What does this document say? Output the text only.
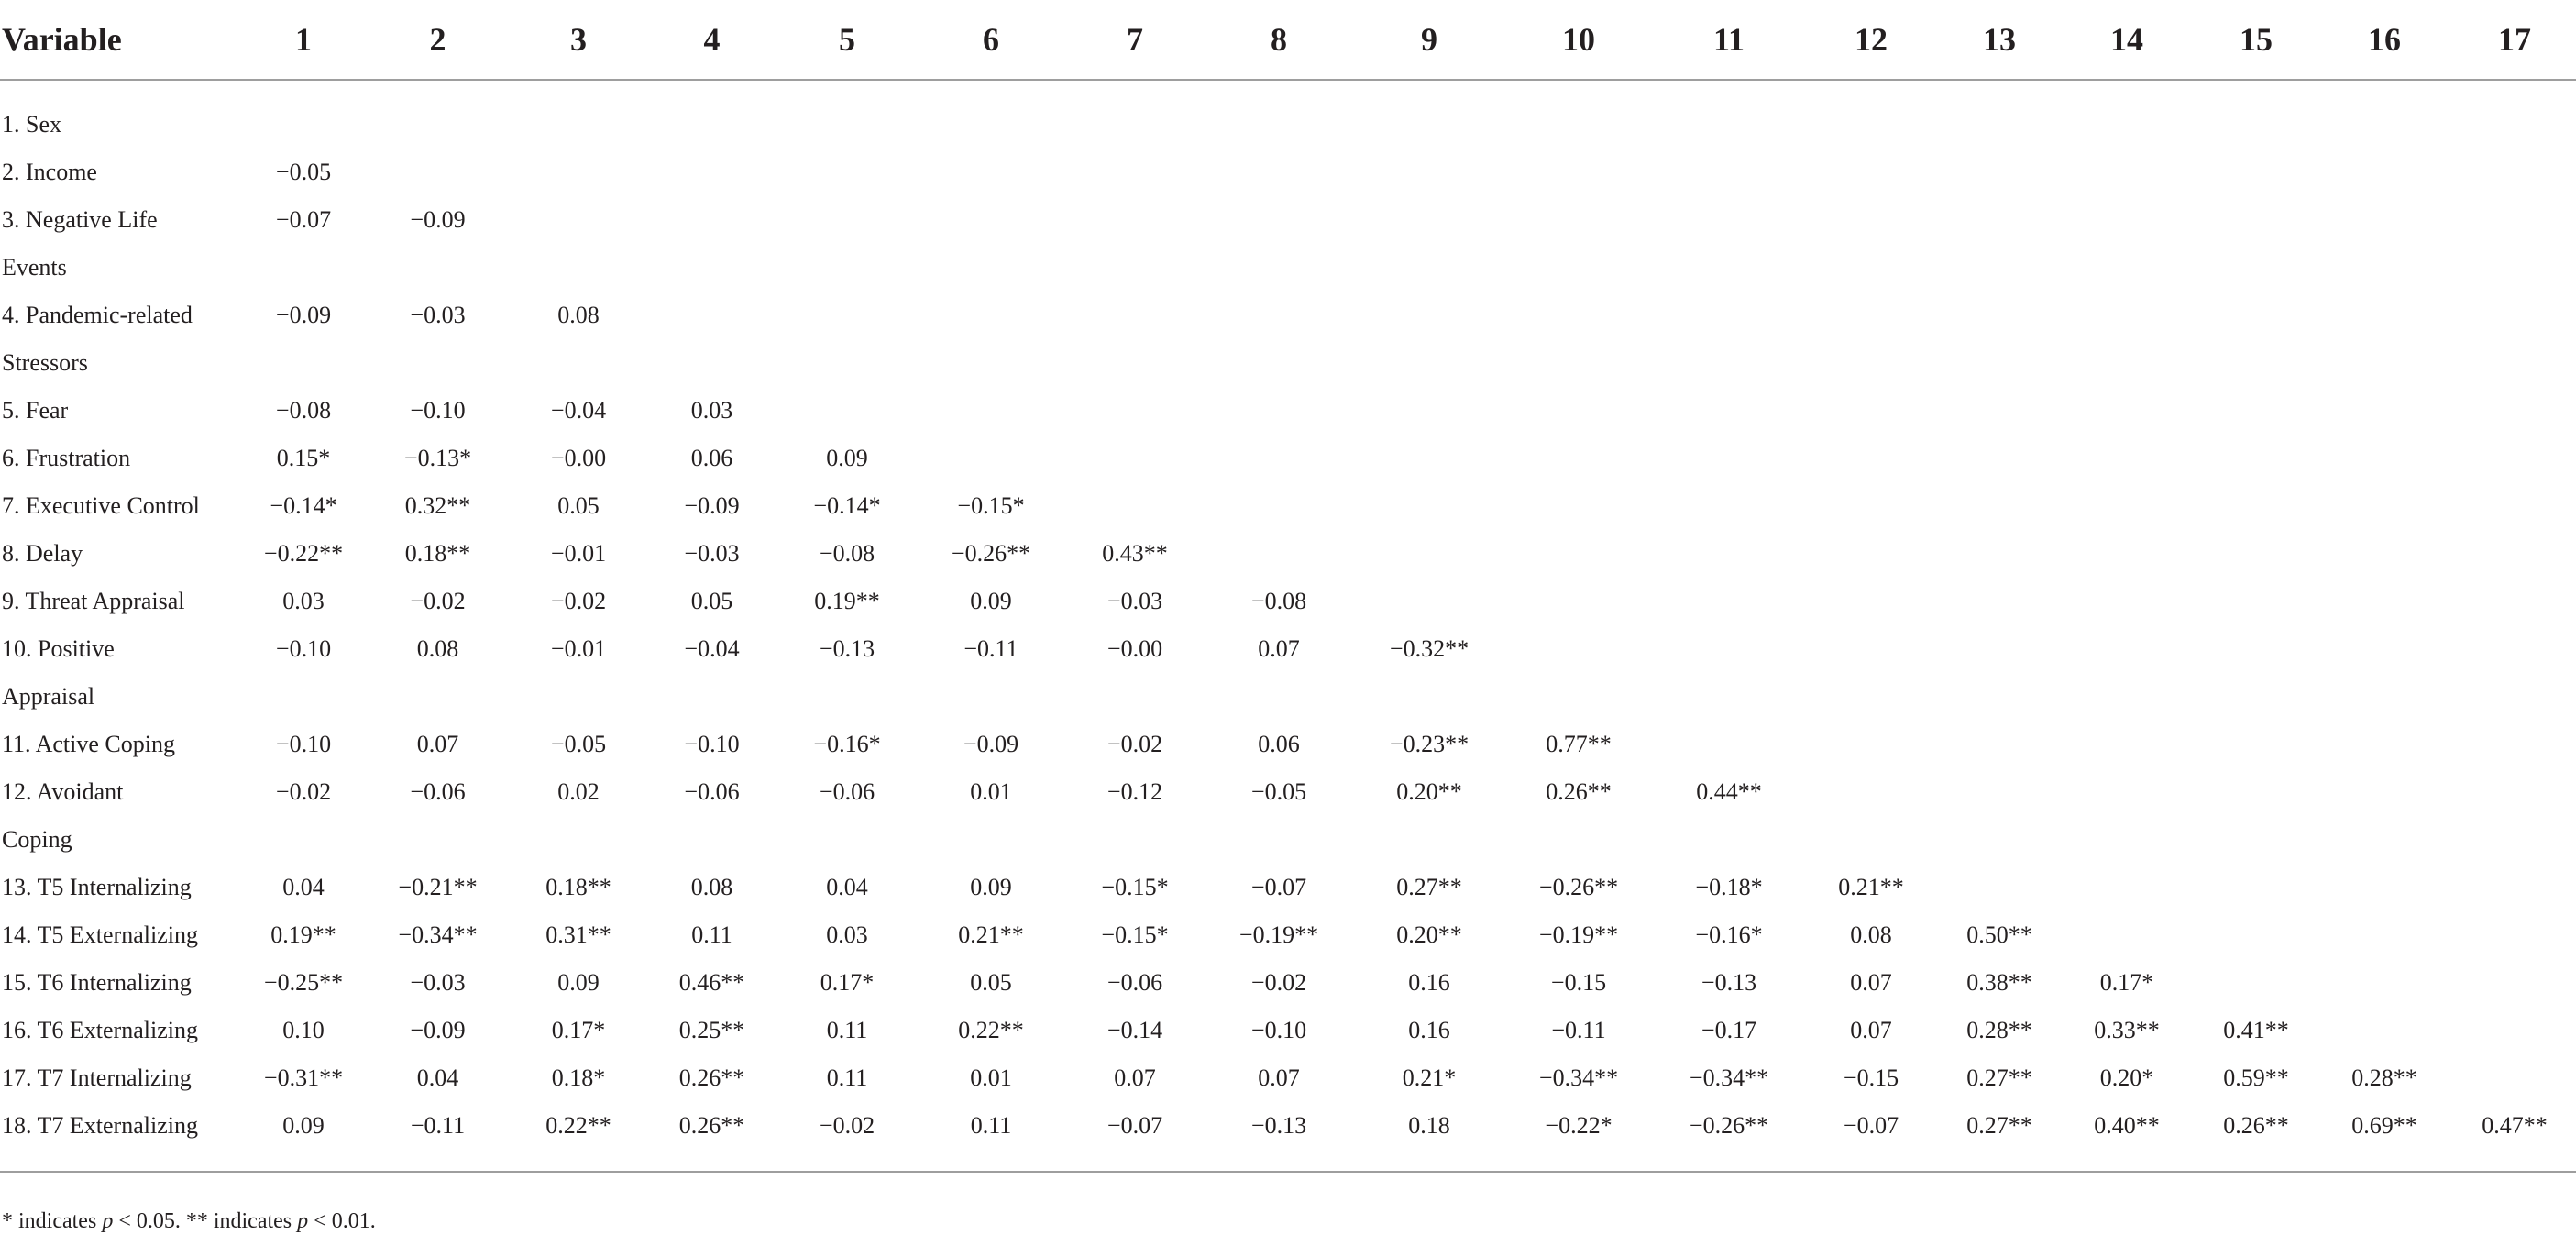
Variable	1	2	3	4	5	6	7	8	9	10	11	12	13	14	15	16	17

1. Sex																	
2. Income	−0.05																
3. Negative Life	−0.07	−0.09															
Events																	
4. Pandemic-related	−0.09	−0.03	0.08														
Stressors																	
5. Fear	−0.08	−0.10	−0.04	0.03													
6. Frustration	0.15*	−0.13*	−0.00	0.06	0.09												
7. Executive Control	−0.14*	0.32**	0.05	−0.09	−0.14*	−0.15*											
8. Delay	−0.22**	0.18**	−0.01	−0.03	−0.08	−0.26**	0.43**										
9. Threat Appraisal	0.03	−0.02	−0.02	0.05	0.19**	0.09	−0.03	−0.08									
10. Positive	−0.10	0.08	−0.01	−0.04	−0.13	−0.11	−0.00	0.07	−0.32**								
Appraisal																	
11. Active Coping	−0.10	0.07	−0.05	−0.10	−0.16*	−0.09	−0.02	0.06	−0.23**	0.77**							
12. Avoidant	−0.02	−0.06	0.02	−0.06	−0.06	0.01	−0.12	−0.05	0.20**	0.26**	0.44**						
Coping																	
13. T5 Internalizing	0.04	−0.21**	0.18**	0.08	0.04	0.09	−0.15*	−0.07	0.27**	−0.26**	−0.18*	0.21**					
14. T5 Externalizing	0.19**	−0.34**	0.31**	0.11	0.03	0.21**	−0.15*	−0.19**	0.20**	−0.19**	−0.16*	0.08	0.50**				
15. T6 Internalizing	−0.25**	−0.03	0.09	0.46**	0.17*	0.05	−0.06	−0.02	0.16	−0.15	−0.13	0.07	0.38**	0.17*			
16. T6 Externalizing	0.10	−0.09	0.17*	0.25**	0.11	0.22**	−0.14	−0.10	0.16	−0.11	−0.17	0.07	0.28**	0.33**	0.41**		
17. T7 Internalizing	−0.31**	0.04	0.18*	0.26**	0.11	0.01	0.07	0.07	0.21*	−0.34**	−0.34**	−0.15	0.27**	0.20*	0.59**	0.28**	
18. T7 Externalizing	0.09	−0.11	0.22**	0.26**	−0.02	0.11	−0.07	−0.13	0.18	−0.22*	−0.26**	−0.07	0.27**	0.40**	0.26**	0.69**	0.47**

* indicates p < 0.05. ** indicates p < 0.01.
